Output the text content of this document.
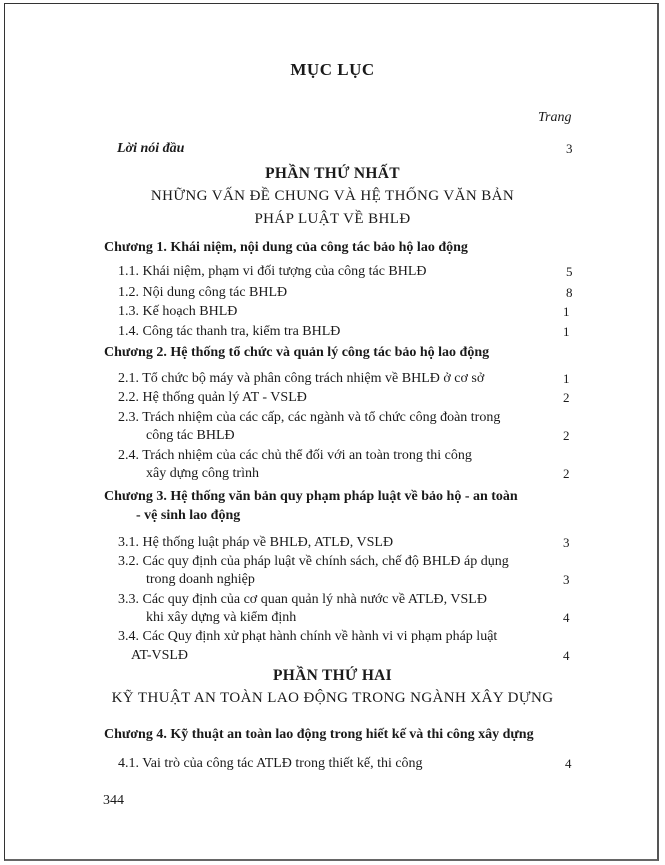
MỤC LỤC
Trang
Lời nói đầu	3
PHẦN THỨ NHẤT
NHỮNG VẤN ĐỀ CHUNG VÀ HỆ THỐNG VĂN BẢN
PHÁP LUẬT VỀ BHLĐ
Chương 1. Khái niệm, nội dung của công tác bảo hộ lao động
1.1. Khái niệm, phạm vi đối tượng của công tác BHLĐ	5
1.2. Nội dung công tác BHLĐ	8
1.3. Kế hoạch BHLĐ	1
1.4. Công tác thanh tra, kiểm tra BHLĐ	1
Chương 2. Hệ thống tổ chức và quản lý công tác bảo hộ lao động
2.1. Tổ chức bộ máy và phân công trách nhiệm về BHLĐ ở cơ sở	1
2.2. Hệ thống quản lý AT - VSLĐ	2
2.3. Trách nhiệm của các cấp, các ngành và tổ chức công đoàn trong
công tác BHLĐ	2
2.4. Trách nhiệm của các chủ thể đối với an toàn trong thi công
xây dựng công trình	2
Chương 3. Hệ thống văn bản quy phạm pháp luật về bảo hộ - an toàn
- vệ sinh lao động
3.1. Hệ thống luật pháp về BHLĐ, ATLĐ, VSLĐ	3
3.2. Các quy định của pháp luật về chính sách, chế độ BHLĐ áp dụng
trong doanh nghiệp	3
3.3. Các quy định của cơ quan quản lý nhà nước về ATLĐ, VSLĐ
khi xây dựng và kiểm định	4
3.4. Các Quy định xử phạt hành chính về hành vi vi phạm pháp luật
AT-VSLĐ	4
PHẦN THỨ HAI
KỸ THUẬT AN TOÀN LAO ĐỘNG TRONG NGÀNH XÂY DỰNG
Chương 4. Kỹ thuật an toàn lao động trong hiết kế và thi công xây dựng
4.1. Vai trò của công tác ATLĐ trong thiết kế, thi công	4
344
